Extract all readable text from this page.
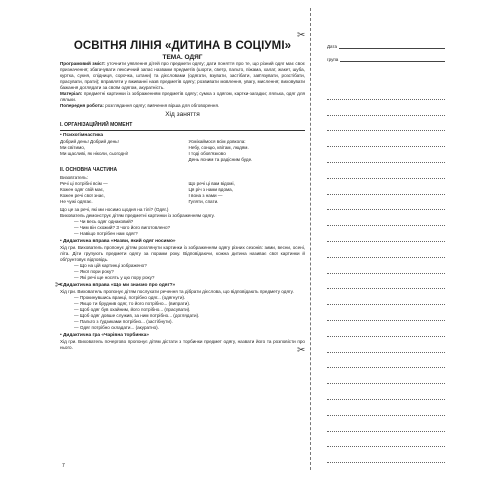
✂
✂
✂
ОСВІТНЯ ЛІНІЯ «ДИТИНА В СОЦІУМІ»
ТЕМА. ОДЯГ

Програмовий зміст: уточнити уявлення дітей про предмети одягу; дати поняття про те, що різний одяг має своє призначення; збагачувати лексичний запас назвами предметів (шорти, светр, пальто, піжама, халат, жакет, шуба, куртка, сукня, спідниця, сорочка, штани) та дієсловами (одягати, взувати, застібати, зав'язувати, розстібати, прасувати, прати); вправляти у вживанні назв предметів одягу; розвивати мовлення, увагу, мислення; виховувати бажання доглядати за своїм одягом, акуратність.

Матеріал: предметні картинки із зображенням предметів одягу; сумка з одягом, картки-загадки; лялька, одяг для ляльки.

Попередня робота: розглядання одягу; вивчення вірша для обговорення.

Хід заняття
I. ОРГАНІЗАЦІЙНИЙ МОМЕНТ
• Психогімнастика
Добрий день! Добрий день!
Ми світимо,
Ми щасливі, як ніколи, сьогодні!
Усміхаймося всім довкола:
Небу, сонцю, квітам, людям.
І тоді обов'язково
День ясним та радісним буде.
II. ОСНОВНА ЧАСТИНА
Визовтатель:
Речі ці потрібні всім —
Кожен одяг свій має,
Кожен речі свої знає,
Не чужі одягає.
Що речі ці вам відомі,
Ця річ з нами вдома,
І вона з нами —
Гуляти, спати.

Що це за речі, які ми носимо щодня на тілі? (Одяг.)

Вихователь демонструє дітям предметні картинки із зображенням одягу.

— Чи весь одяг однаковий?
— Чим він схожий? З чого його виготовлено?
— Навіщо потрібен нам одяг?
• Дидактична вправа «Назви, який одяг носимо»

Хід гри. Вихователь пропонує дітям розглянути картинки із зображенням одягу різних сезонів: зими, весни, осені, літа. Діти групують предмети одягу за порами року. Відповідаючи, кожна дитина називає свої картинки й обґрунтовує відповідь.

— Що на цій картинці зображено?
— Якої пори року?
— Які речі ще носять у цю пору року?
• Дидактична вправа «Що ми знаємо про одяг?»

Хід гри. Вихователь пропонує дітям послухати речення та дібрати дієслова, що відповідають предмету одягу.

— Прокинувшись вранці, потрібно одяг... (одягнути).
— Якщо ти бруднив одяг, то його потрібно... (випрати).
— Щоб одяг був охайним, його потрібно... (прасувати).
— Щоб одяг довше служив, за ним потрібно... (доглядати).
— Пальто з ґудзиками потрібно... (застібнути).
— Одяг потрібно складати... (акуратно).
• Дидактична гра «Чарівна торбинка»

Хід гри. Вихователь почергово пропонує дітям дістати з торбинки предмет одягу, назвати його та розповісти про нього.

Дата
група
7
